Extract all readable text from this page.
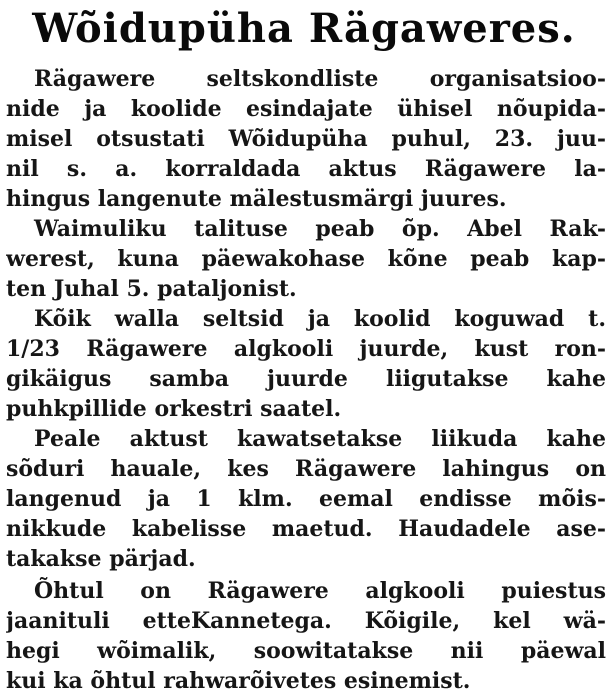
Wõidupüha Rägaweres.
Rägawere seltskondliste organisatsioo-
nide ja koolide esindajate ühisel nõupida-
misel otsustati Wõidupüha puhul, 23. juu-
nil s. a. korraldada aktus Rägawere la-
hingus langenute mälestusmärgi juures.
Waimuliku talituse peab õp. Abel Rak-
werest, kuna päewakohase kõne peab kap-
ten Juhal 5. pataljonist.
Kõik walla seltsid ja koolid koguwad t.
1/23 Rägawere algkooli juurde, kust ron-
gikäigus samba juurde liigutakse kahe
puhkpillide orkestri saatel.
Peale aktust kawatsetakse liikuda kahe
sõduri hauale, kes Rägawere lahingus on
langenud ja 1 klm. eemal endisse mõis-
nikkude kabelisse maetud. Haudadele ase-
takakse pärjad.
Õhtul on Rägawere algkooli puiestus
jaanituli etteKannetega. Kõigile, kel wä-
hegi wõimalik, soowitatakse nii päewal
kui ka õhtul rahwarõivetes esinemist.
